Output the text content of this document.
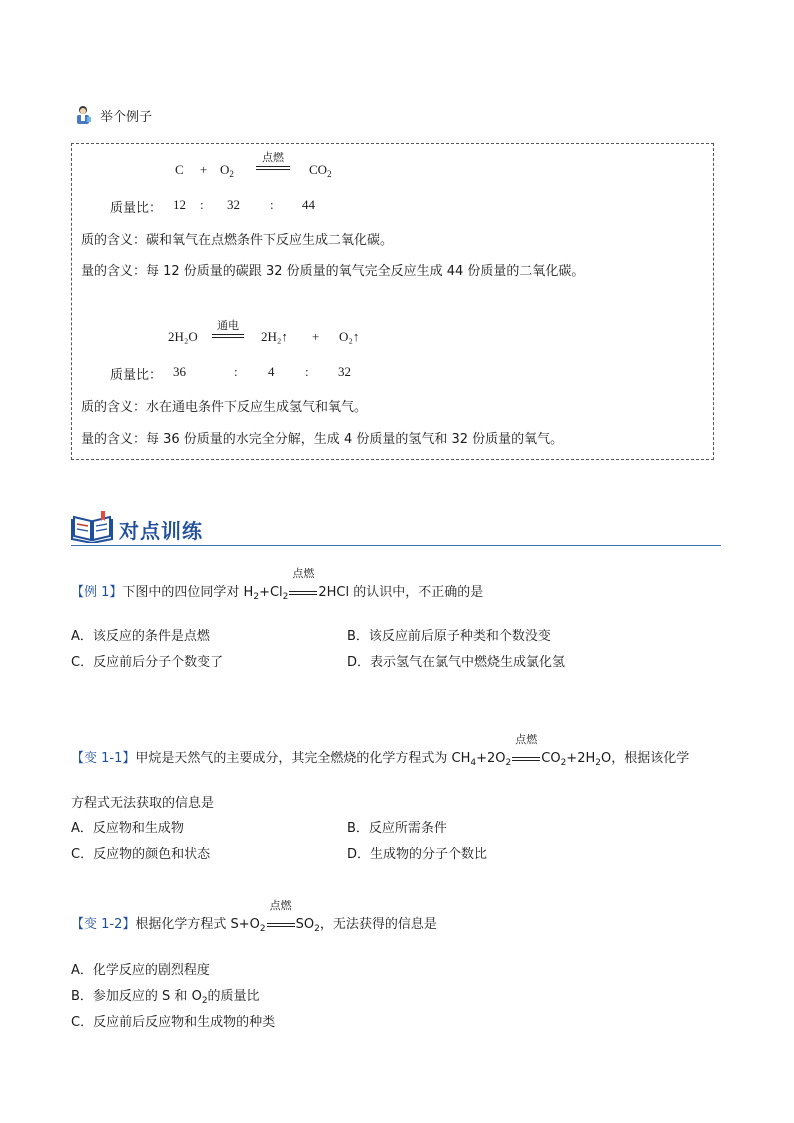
举个例子
$C + O_2$
点燃
$CO_2$
质量比： 12 : 32 : 44
质的含义：碳和氧气在点燃条件下反应生成二氧化碳。
量的含义：每 12 份质量的碳跟 32 份质量的氧气完全反应生成 44 份质量的二氧化碳。
2H₂O
通电
2H₂↑ + O₂↑
质量比： 36	: 4 : 32
质的含义：水在通电条件下反应生成氢气和氧气。
量的含义：每 36 份质量的水完全分解，生成 4 份质量的氢气和 32 份质量的氧气。
对点训练
【例 1】下图中的四位同学对 $H_2+Cl_2$
点燃
2HCl 的认识中，不正确的是
A．该反应的条件是点燃	B．该反应前后原子种类和个数没变
C．反应前后分子个数变了	D．表示氢气在氯气中燃烧生成氯化氢
【变 1-1】甲烷是天然气的主要成分，其完全燃烧的化学方程式为 $CH_4+2O_2$
点燃
$CO_2+2H_2O$，根据该化学
方程式无法获取的信息是
A．反应物和生成物	B．反应所需条件
C．反应物的颜色和状态	D．生成物的分子个数比
【变 1-2】根据化学方程式 $S+O_2$
点燃
$SO_2$，无法获得的信息是
A．化学反应的剧烈程度
B．参加反应的 S 和 $O_2$的质量比
C．反应前后反应物和生成物的种类
